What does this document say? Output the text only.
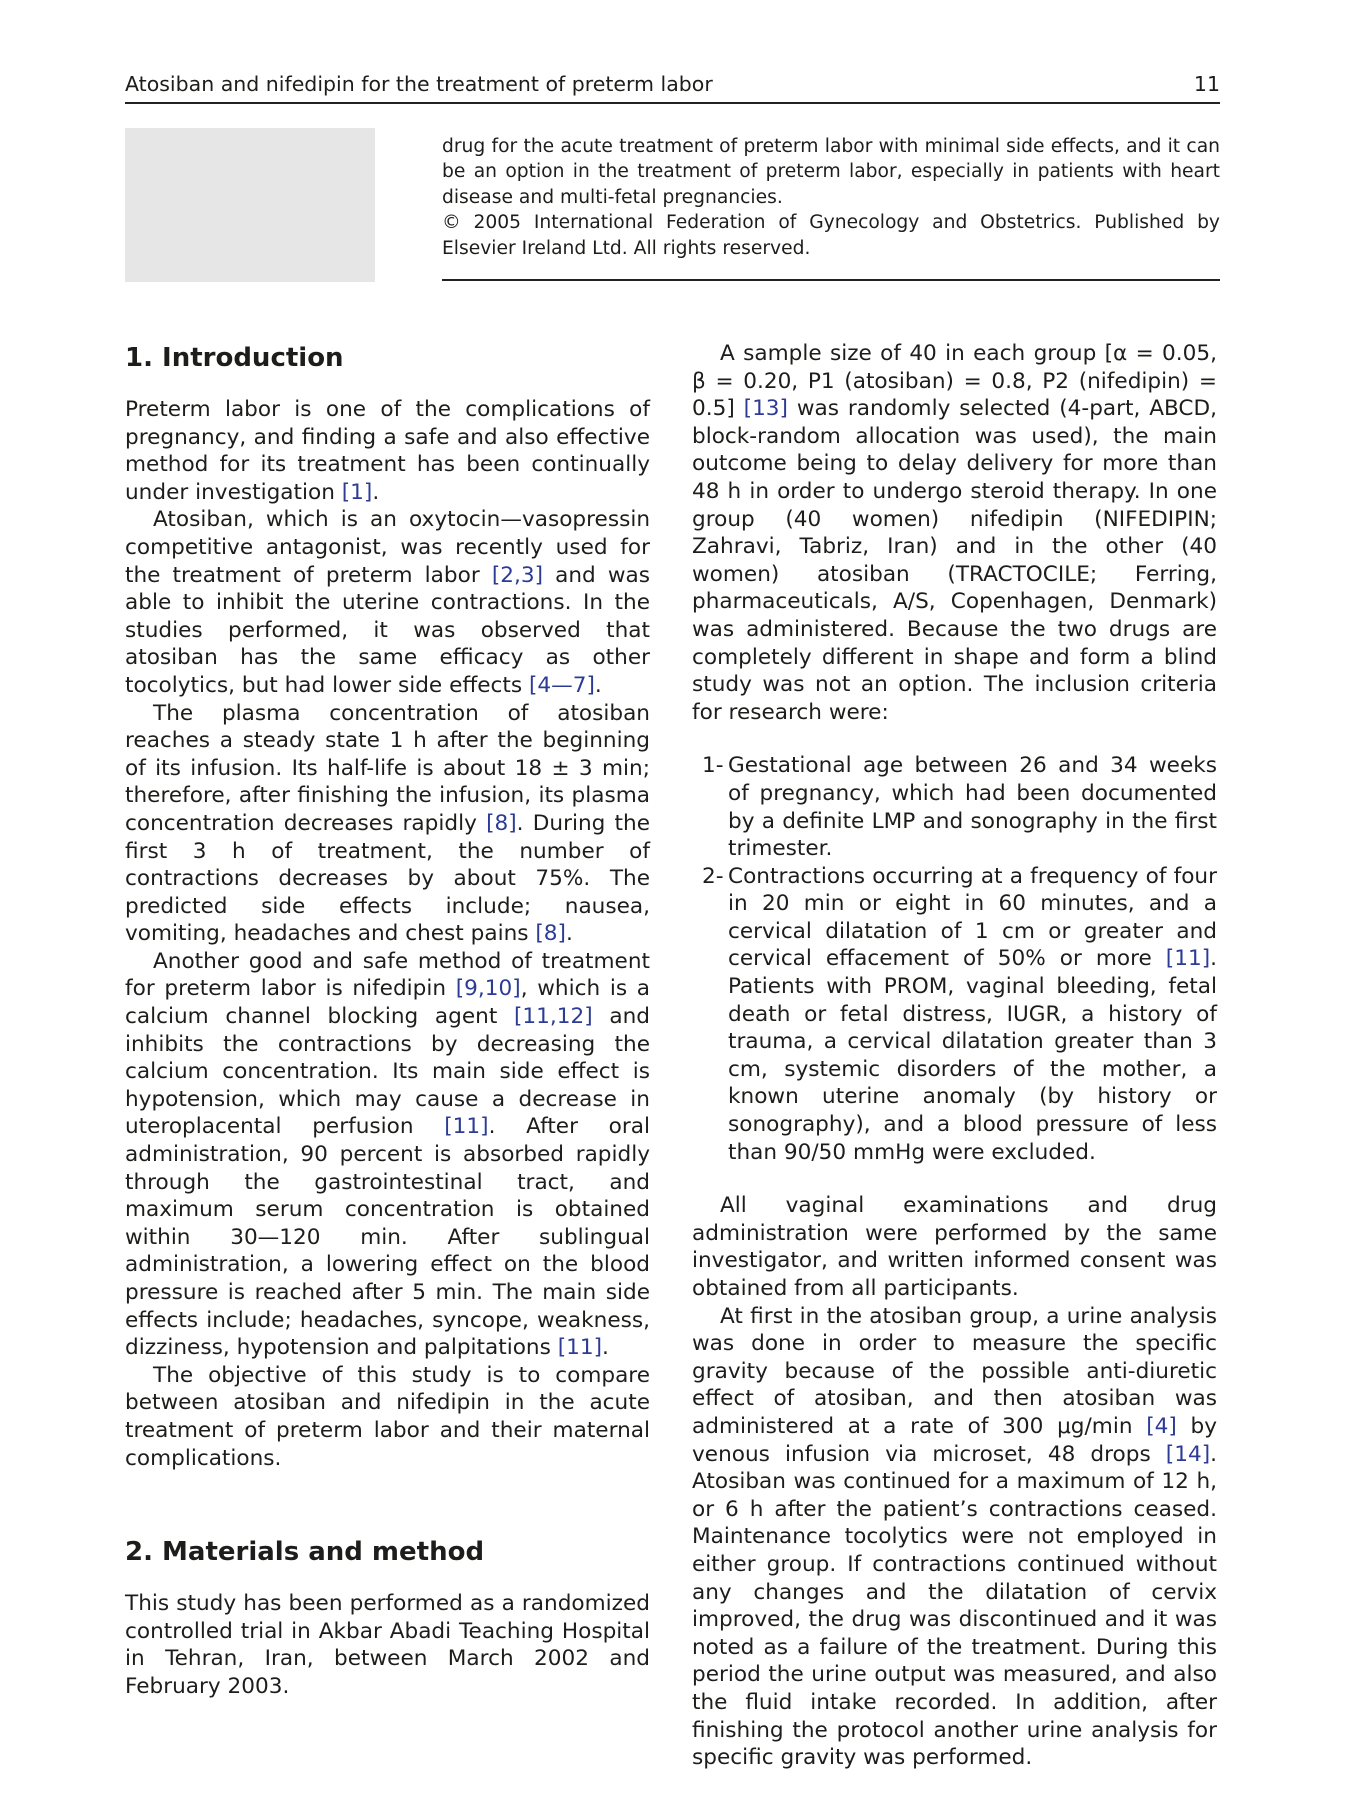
Atosiban and nifedipin for the treatment of preterm labor	11

drug for the acute treatment of preterm labor with minimal side effects, and it can be an option in the treatment of preterm labor, especially in patients with heart disease and multi-fetal pregnancies.

© 2005 International Federation of Gynecology and Obstetrics. Published by Elsevier Ireland Ltd. All rights reserved.

1. Introduction

Preterm labor is one of the complications of pregnancy, and finding a safe and also effective method for its treatment has been continually under investigation [1].

Atosiban, which is an oxytocin—vasopressin competitive antagonist, was recently used for the treatment of preterm labor [2,3] and was able to inhibit the uterine contractions. In the studies performed, it was observed that atosiban has the same efficacy as other tocolytics, but had lower side effects [4—7].

The plasma concentration of atosiban reaches a steady state 1 h after the beginning of its infusion. Its half-life is about 18 ± 3 min; therefore, after finishing the infusion, its plasma concentration decreases rapidly [8]. During the first 3 h of treatment, the number of contractions decreases by about 75%. The predicted side effects include; nausea, vomiting, headaches and chest pains [8].

Another good and safe method of treatment for preterm labor is nifedipin [9,10], which is a calcium channel blocking agent [11,12] and inhibits the contractions by decreasing the calcium concentration. Its main side effect is hypotension, which may cause a decrease in uteroplacental perfusion [11]. After oral administration, 90 percent is absorbed rapidly through the gastrointestinal tract, and maximum serum concentration is obtained within 30—120 min. After sublingual administration, a lowering effect on the blood pressure is reached after 5 min. The main side effects include; headaches, syncope, weakness, dizziness, hypotension and palpitations [11].

The objective of this study is to compare between atosiban and nifedipin in the acute treatment of preterm labor and their maternal complications.

2. Materials and method

This study has been performed as a randomized controlled trial in Akbar Abadi Teaching Hospital in Tehran, Iran, between March 2002 and February 2003.

A sample size of 40 in each group [α = 0.05, β = 0.20, P1 (atosiban) = 0.8, P2 (nifedipin) = 0.5] [13] was randomly selected (4-part, ABCD, block-random allocation was used), the main outcome being to delay delivery for more than 48 h in order to undergo steroid therapy. In one group (40 women) nifedipin (NIFEDIPIN; Zahravi, Tabriz, Iran) and in the other (40 women) atosiban (TRACTOCILE; Ferring, pharmaceuticals, A/S, Copenhagen, Denmark) was administered. Because the two drugs are completely different in shape and form a blind study was not an option. The inclusion criteria for research were:

1- Gestational age between 26 and 34 weeks of pregnancy, which had been documented by a definite LMP and sonography in the first trimester.
2- Contractions occurring at a frequency of four in 20 min or eight in 60 minutes, and a cervical dilatation of 1 cm or greater and cervical effacement of 50% or more [11]. Patients with PROM, vaginal bleeding, fetal death or fetal distress, IUGR, a history of trauma, a cervical dilatation greater than 3 cm, systemic disorders of the mother, a known uterine anomaly (by history or sonography), and a blood pressure of less than 90/50 mmHg were excluded.

All vaginal examinations and drug administration were performed by the same investigator, and written informed consent was obtained from all participants.

At first in the atosiban group, a urine analysis was done in order to measure the specific gravity because of the possible anti-diuretic effect of atosiban, and then atosiban was administered at a rate of 300 μg/min [4] by venous infusion via microset, 48 drops [14]. Atosiban was continued for a maximum of 12 h, or 6 h after the patient’s contractions ceased. Maintenance tocolytics were not employed in either group. If contractions continued without any changes and the dilatation of cervix improved, the drug was discontinued and it was noted as a failure of the treatment. During this period the urine output was measured, and also the fluid intake recorded. In addition, after finishing the protocol another urine analysis for specific gravity was performed.
